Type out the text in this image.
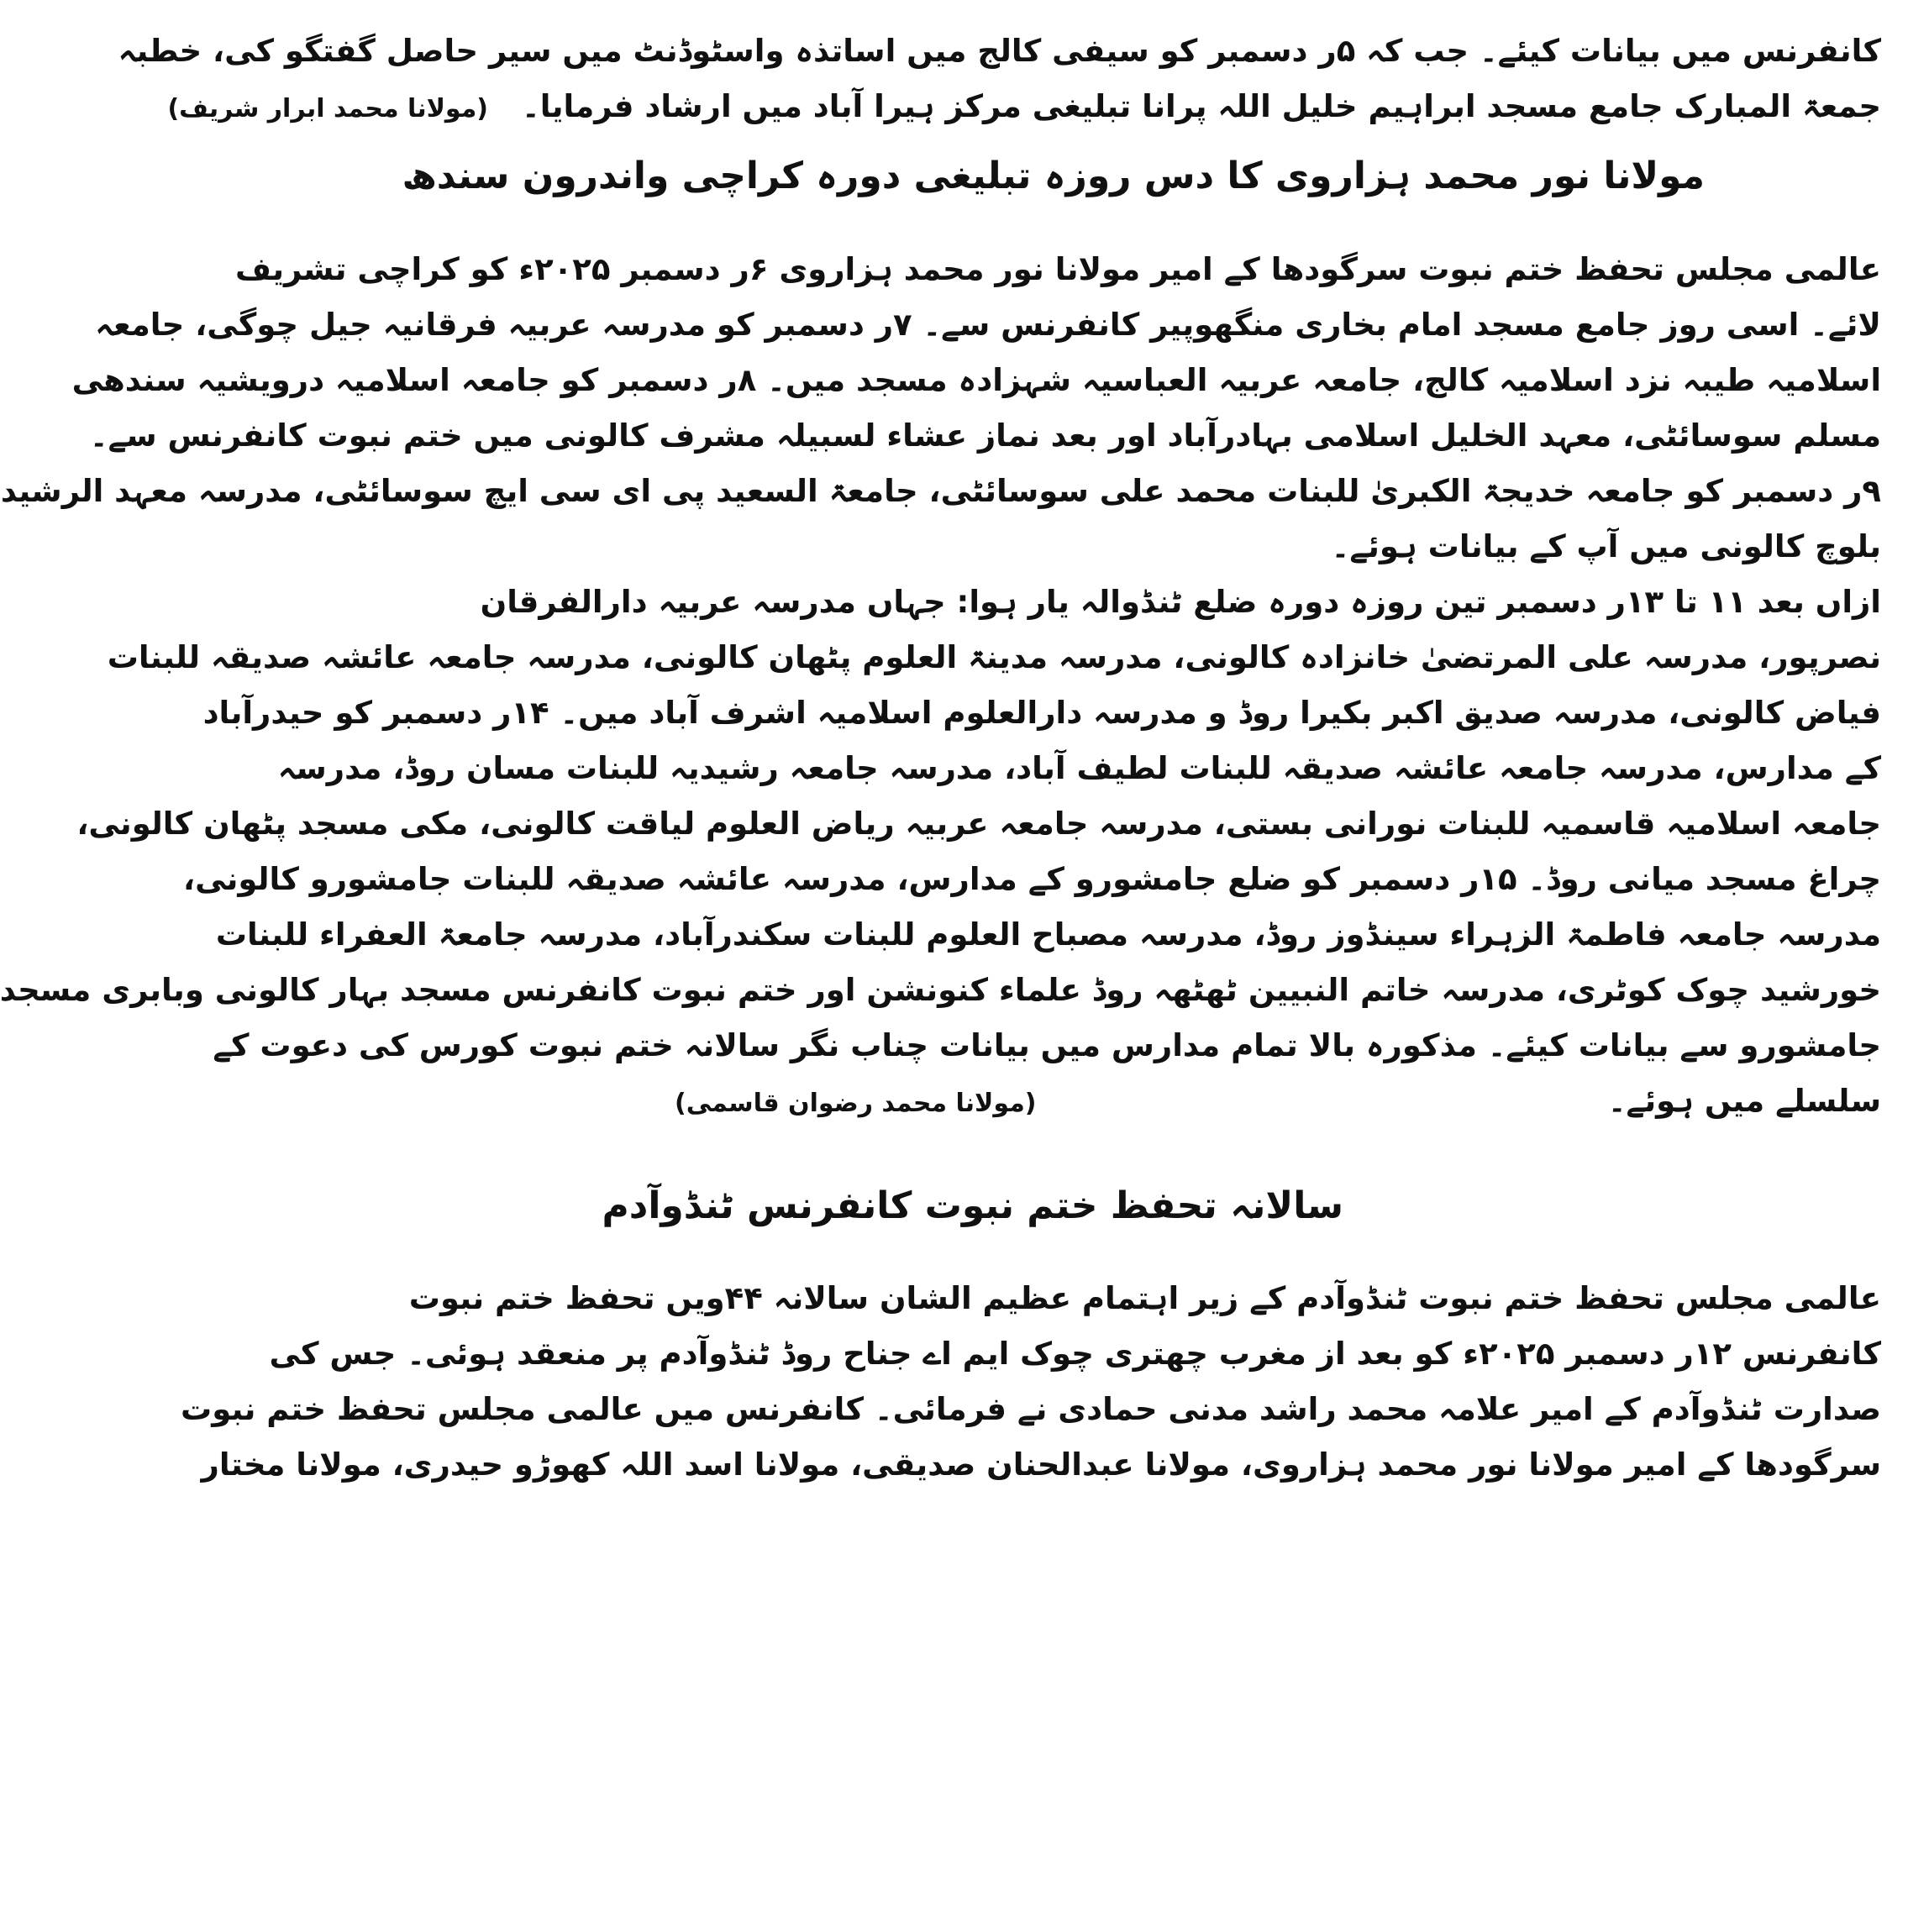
کانفرنس میں بیانات کیئے۔ جب کہ ۵ر دسمبر کو سیفی کالج میں اساتذہ واسٹوڈنٹ میں سیر حاصل گفتگو کی، خطبہ
جمعۃ المبارک جامع مسجد ابراہیم خلیل اللہ پرانا تبلیغی مرکز ہیرا آباد میں ارشاد فرمایا۔
(مولانا محمد ابرار شریف)
مولانا نور محمد ہزاروی کا دس روزہ تبلیغی دورہ کراچی واندرون سندھ
عالمی مجلس تحفظ ختم نبوت سرگودھا کے امیر مولانا نور محمد ہزاروی ۶ر دسمبر ۲۰۲۵ء کو کراچی تشریف
لائے۔ اسی روز جامع مسجد امام بخاری منگھوپیر کانفرنس سے۔ ۷ر دسمبر کو مدرسہ عربیہ فرقانیہ جیل چوگی، جامعہ
اسلامیہ طیبہ نزد اسلامیہ کالج، جامعہ عربیہ العباسیہ شہزادہ مسجد میں۔ ۸ر دسمبر کو جامعہ اسلامیہ درویشیہ سندھی
مسلم سوسائٹی، معہد الخلیل اسلامی بہادرآباد اور بعد نماز عشاء لسبیلہ مشرف کالونی میں ختم نبوت کانفرنس سے۔
۹ر دسمبر کو جامعہ خدیجۃ الکبریٰ للبنات محمد علی سوسائٹی، جامعۃ السعید پی ای سی ایچ سوسائٹی، مدرسہ معہد الرشید
بلوچ کالونی میں آپ کے بیانات ہوئے۔
ازاں بعد ۱۱ تا ۱۳ر دسمبر تین روزہ دورہ ضلع ٹنڈوالہ یار ہوا: جہاں مدرسہ عربیہ دارالفرقان
نصرپور، مدرسہ علی المرتضیٰ خانزادہ کالونی، مدرسہ مدینۃ العلوم پٹھان کالونی، مدرسہ جامعہ عائشہ صدیقہ للبنات
فیاض کالونی، مدرسہ صدیق اکبر بکیرا روڈ و مدرسہ دارالعلوم اسلامیہ اشرف آباد میں۔ ۱۴ر دسمبر کو حیدرآباد
کے مدارس، مدرسہ جامعہ عائشہ صدیقہ للبنات لطیف آباد، مدرسہ جامعہ رشیدیہ للبنات مسان روڈ، مدرسہ
جامعہ اسلامیہ قاسمیہ للبنات نورانی بستی، مدرسہ جامعہ عربیہ ریاض العلوم لیاقت کالونی، مکی مسجد پٹھان کالونی،
چراغ مسجد میانی روڈ۔ ۱۵ر دسمبر کو ضلع جامشورو کے مدارس، مدرسہ عائشہ صدیقہ للبنات جامشورو کالونی،
مدرسہ جامعہ فاطمۃ الزہراء سینڈوز روڈ، مدرسہ مصباح العلوم للبنات سکندرآباد، مدرسہ جامعۃ العفراء للبنات
خورشید چوک کوٹری، مدرسہ خاتم النبیین ٹھٹھہ روڈ علماء کنونشن اور ختم نبوت کانفرنس مسجد بہار کالونی وبابری مسجد
جامشورو سے بیانات کیئے۔ مذکورہ بالا تمام مدارس میں بیانات چناب نگر سالانہ ختم نبوت کورس کی دعوت کے
سلسلے میں ہوئے۔
(مولانا محمد رضوان قاسمی)
سالانہ تحفظ ختم نبوت کانفرنس ٹنڈوآدم
عالمی مجلس تحفظ ختم نبوت ٹنڈوآدم کے زیر اہتمام عظیم الشان سالانہ ۴۴ویں تحفظ ختم نبوت
کانفرنس ۱۲ر دسمبر ۲۰۲۵ء کو بعد از مغرب چھتری چوک ایم اے جناح روڈ ٹنڈوآدم پر منعقد ہوئی۔ جس کی
صدارت ٹنڈوآدم کے امیر علامہ محمد راشد مدنی حمادی نے فرمائی۔ کانفرنس میں عالمی مجلس تحفظ ختم نبوت
سرگودھا کے امیر مولانا نور محمد ہزاروی، مولانا عبدالحنان صدیقی، مولانا اسد اللہ کھوڑو حیدری، مولانا مختار
